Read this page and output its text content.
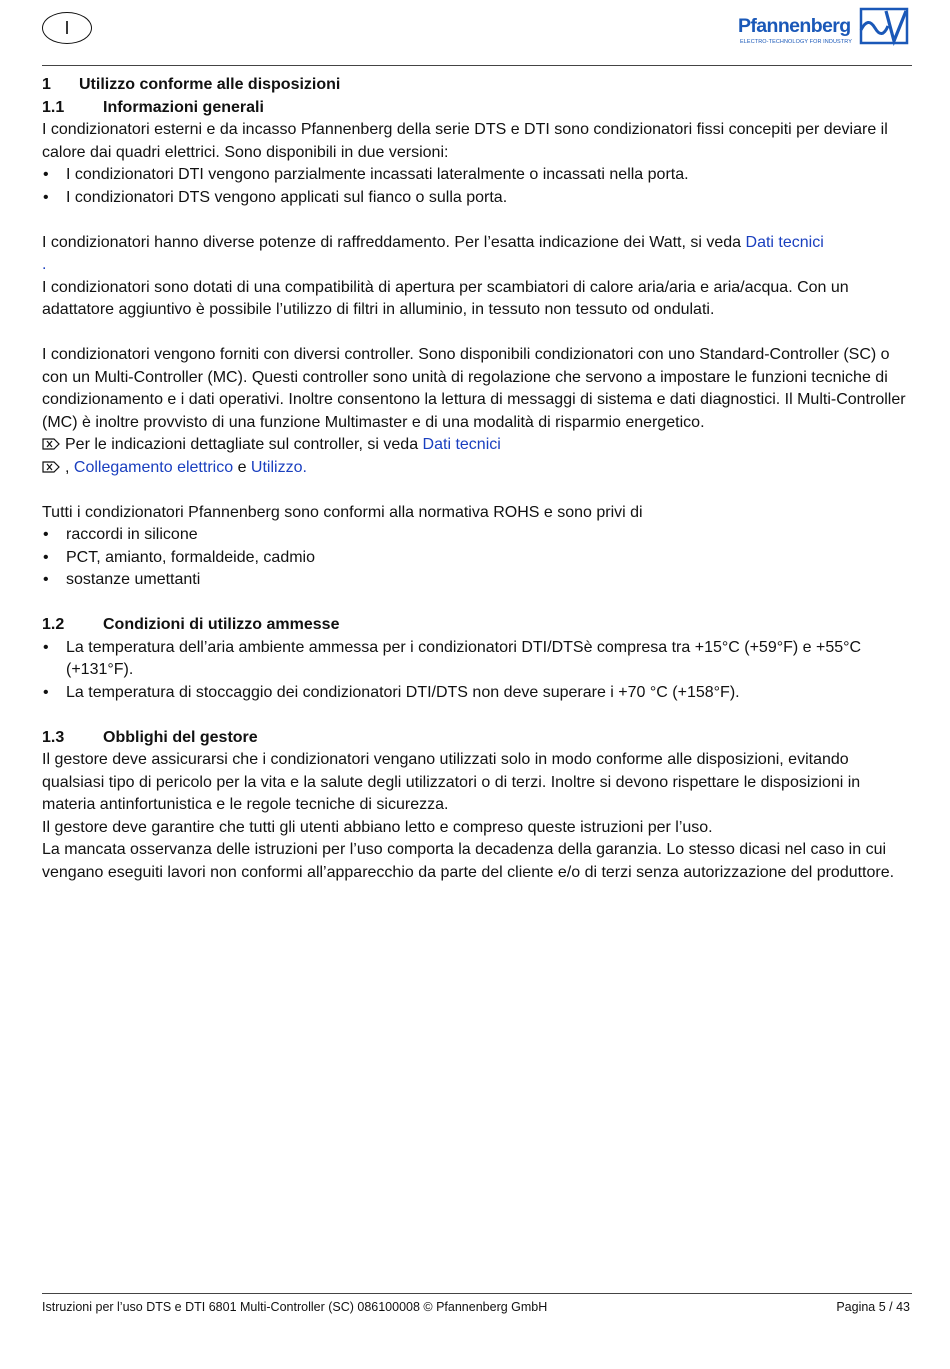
I	Pfannenberg
ELECTRO-TECHNOLOGY FOR INDUSTRY
1 Utilizzo conforme alle disposizioni
1.1 Informazioni generali

I condizionatori esterni e da incasso Pfannenberg della serie DTS e DTI sono condizionatori fissi concepiti per deviare il calore dai quadri elettrici. Sono disponibili in due versioni:

• I condizionatori DTI vengono parzialmente incassati lateralmente o incassati nella porta.
• I condizionatori DTS vengono applicati sul fianco o sulla porta.

I condizionatori hanno diverse potenze di raffreddamento. Per l’esatta indicazione dei Watt, si veda Dati tecnici
.

I condizionatori sono dotati di una compatibilità di apertura per scambiatori di calore aria/aria e aria/acqua. Con un adattatore aggiuntivo è possibile l’utilizzo di filtri in alluminio, in tessuto non tessuto od ondulati.

I condizionatori vengono forniti con diversi controller. Sono disponibili condizionatori con uno Standard-Controller (SC) o con un Multi-Controller (MC). Questi controller sono unità di regolazione che servono a impostare le funzioni tecniche di condizionamento e i dati operativi. Inoltre consentono la lettura di messaggi di sistema e dati diagnostici. Il Multi-Controller (MC) è inoltre provvisto di una funzione Multimaster e di una modalità di risparmio energetico.

Per le indicazioni dettagliate sul controller, si veda Dati tecnici

, Collegamento elettrico e Utilizzo.

Tutti i condizionatori Pfannenberg sono conformi alla normativa ROHS e sono privi di

• raccordi in silicone
• PCT, amianto, formaldeide, cadmio
• sostanze umettanti
1.2 Condizioni di utilizzo ammesse
• La temperatura dell’aria ambiente ammessa per i condizionatori DTI/DTSè compresa tra +15°C (+59°F) e +55°C (+131°F).
• La temperatura di stoccaggio dei condizionatori DTI/DTS non deve superare i +70 °C (+158°F).
1.3 Obblighi del gestore

Il gestore deve assicurarsi che i condizionatori vengano utilizzati solo in modo conforme alle disposizioni, evitando qualsiasi tipo di pericolo per la vita e la salute degli utilizzatori o di terzi. Inoltre si devono rispettare le disposizioni in materia antinfortunistica e le regole tecniche di sicurezza.

Il gestore deve garantire che tutti gli utenti abbiano letto e compreso queste istruzioni per l’uso.

La mancata osservanza delle istruzioni per l’uso comporta la decadenza della garanzia. Lo stesso dicasi nel caso in cui vengano eseguiti lavori non conformi all’apparecchio da parte del cliente e/o di terzi senza autorizzazione del produttore.

Istruzioni per l’uso DTS e DTI 6801 Multi-Controller (SC) 086100008 © Pfannenberg GmbH	Pagina 5 / 43
